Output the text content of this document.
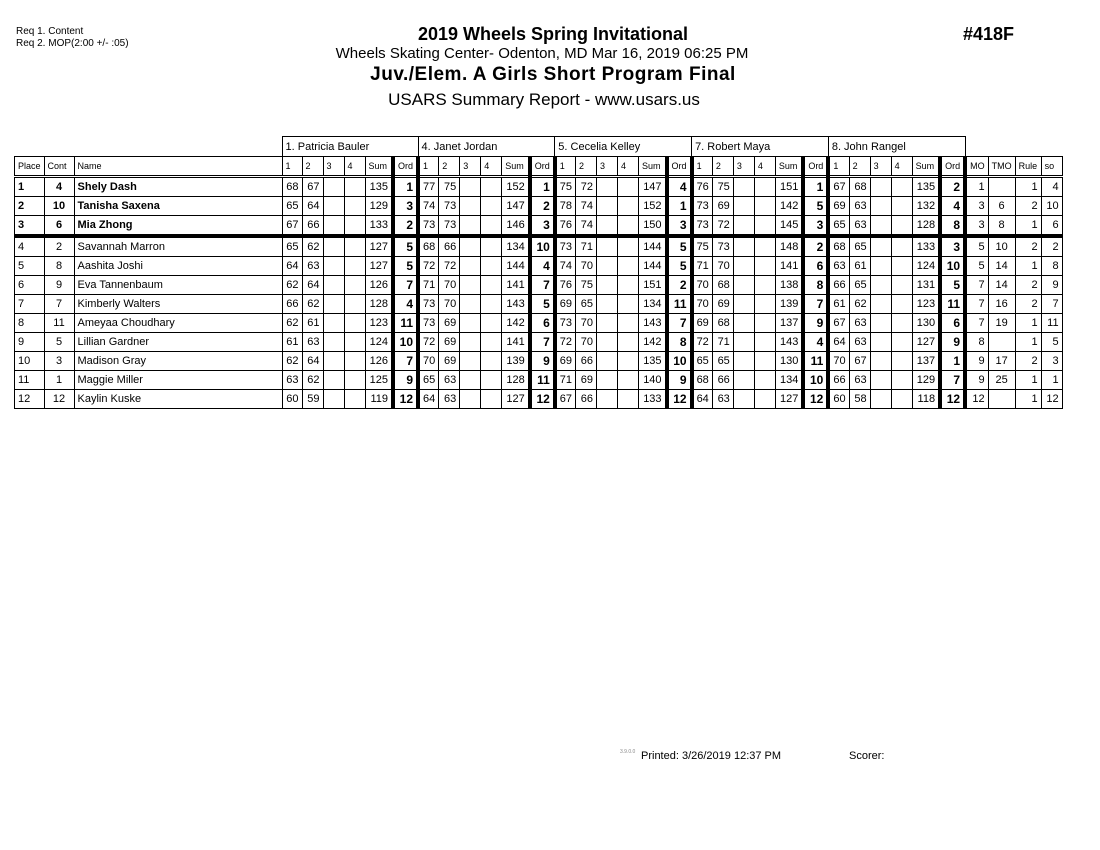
Req 1. Content
Req 2. MOP(2:00 +/- :05)	2019 Wheels Spring Invitational
Wheels Skating Center- Odenton, MD Mar 16, 2019 06:25 PM
Juv./Elem. A Girls Short Program Final
USARS Summary Report - www.usars.us
#418F
			1. Patricia Bauler						4. Janet Jordan						5. Cecelia Kelley						7. Robert Maya						8. John Rangel									
Place	Cont	Name	1	2	3	4	Sum	Ord	1	2	3	4	Sum	Ord	1	2	3	4	Sum	Ord	1	2	3	4	Sum	Ord	1	2	3	4	Sum	Ord	MO	TMO	Rule	so
1	4	Shely Dash	68	67			135	1	77	75			152	1	75	72			147	4	76	75			151	1	67	68			135	2	1		1	4
2	10	Tanisha Saxena	65	64			129	3	74	73			147	2	78	74			152	1	73	69			142	5	69	63			132	4	3	6	2	10
3	6	Mia Zhong	67	66			133	2	73	73			146	3	76	74			150	3	73	72			145	3	65	63			128	8	3	8	1	6
4	2	Savannah Marron	65	62			127	5	68	66			134	10	73	71			144	5	75	73			148	2	68	65			133	3	5	10	2	2
5	8	Aashita Joshi	64	63			127	5	72	72			144	4	74	70			144	5	71	70			141	6	63	61			124	10	5	14	1	8
6	9	Eva Tannenbaum	62	64			126	7	71	70			141	7	76	75			151	2	70	68			138	8	66	65			131	5	7	14	2	9
7	7	Kimberly Walters	66	62			128	4	73	70			143	5	69	65			134	11	70	69			139	7	61	62			123	11	7	16	2	7
8	11	Ameyaa Choudhary	62	61			123	11	73	69			142	6	73	70			143	7	69	68			137	9	67	63			130	6	7	19	1	11
9	5	Lillian Gardner	61	63			124	10	72	69			141	7	72	70			142	8	72	71			143	4	64	63			127	9	8		1	5
10	3	Madison Gray	62	64			126	7	70	69			139	9	69	66			135	10	65	65			130	11	70	67			137	1	9	17	2	3
11	1	Maggie Miller	63	62			125	9	65	63			128	11	71	69			140	9	68	66			134	10	66	63			129	7	9	25	1	1
12	12	Kaylin Kuske	60	59			119	12	64	63			127	12	67	66			133	12	64	63			127	12	60	58			118	12	12		1	12
3.9.0.0 Printed: 3/26/2019 12:37 PM	Scorer:
